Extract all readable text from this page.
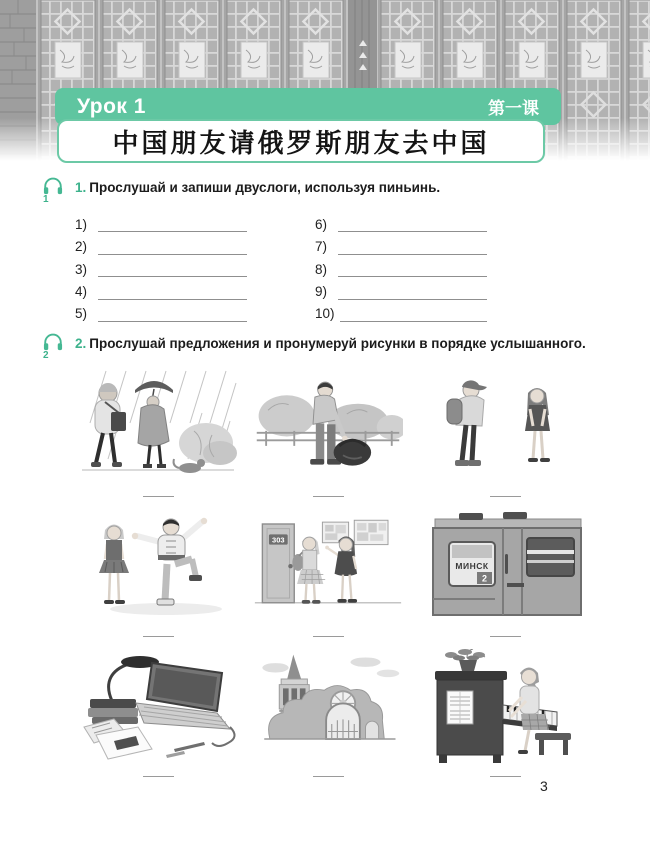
Урок 1	第一课
中国朋友请俄罗斯朋友去中国
1
1. Прослушай и запиши двуслоги, используя пиньинь.
1)
2)
3)
4)
5)
6)
7)
8)
9)
10)
2
2. Прослушай предложения и пронумеруй рисунки в порядке услышанного.
303
МИНСК
2
3
